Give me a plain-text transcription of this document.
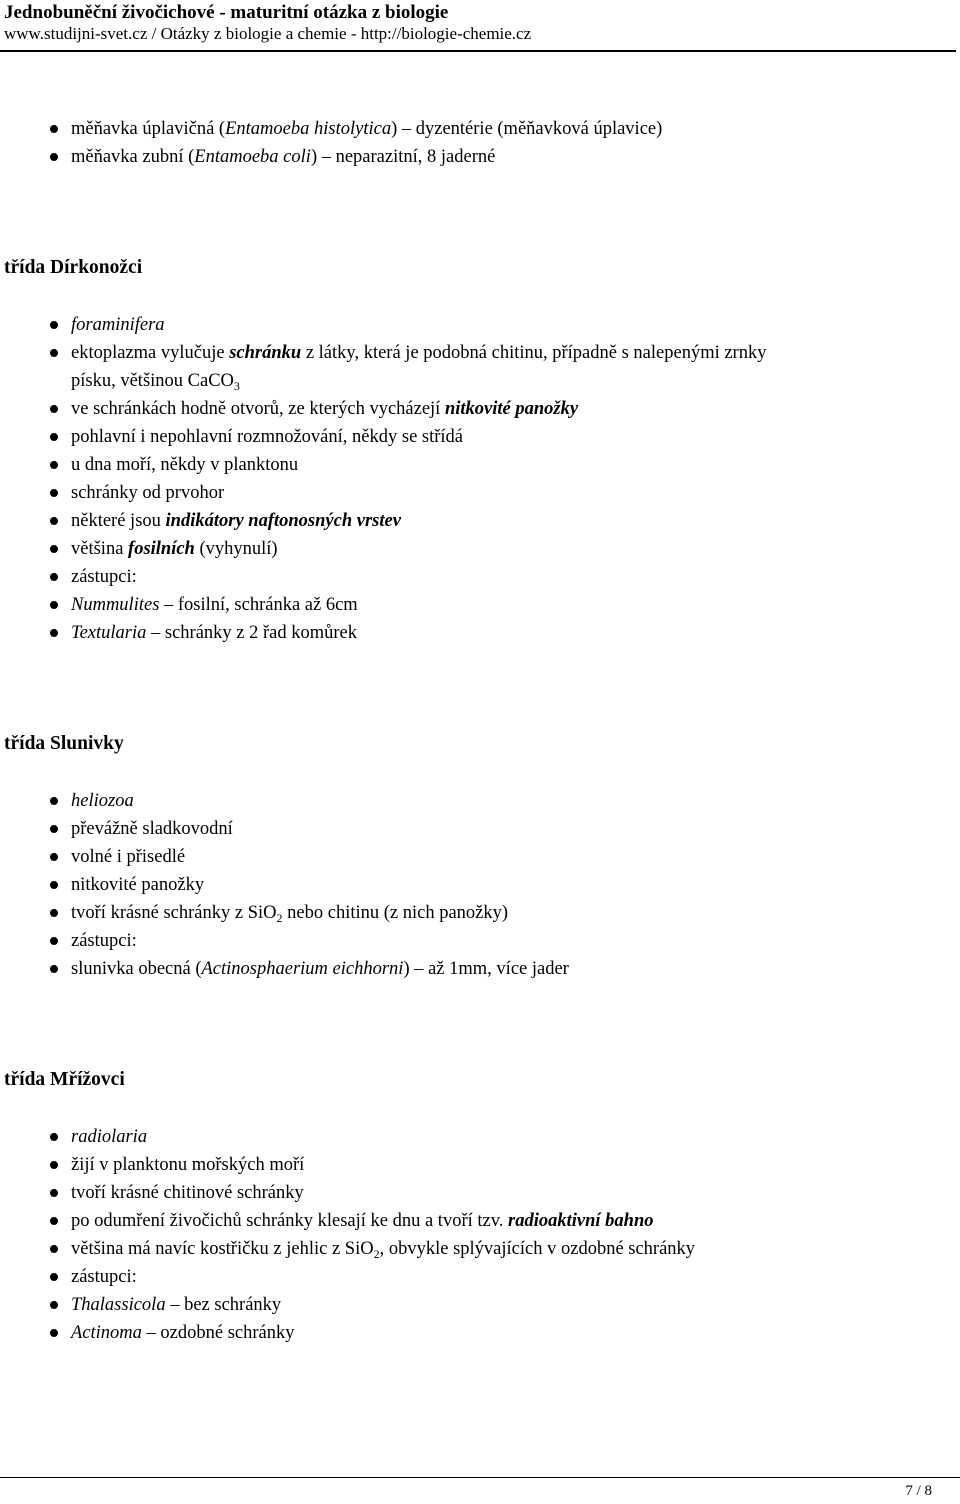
Jednobuněční živočichové - maturitní otázka z biologie
www.studijni-svet.cz / Otázky z biologie a chemie - http://biologie-chemie.cz
měňavka úplavičná (Entamoeba histolytica) – dyzentérie (měňavková úplavice)
měňavka zubní (Entamoeba coli) – neparazitní, 8 jaderné
třída Dírkonožci
foraminifera
ektoplazma vylučuje schránku z látky, která je podobná chitinu, případně s nalepenými zrnky
písku, většinou CaCO$_3$
ve schránkách hodně otvorů, ze kterých vycházejí nitkovité panožky
pohlavní i nepohlavní rozmnožování, někdy se střídá
u dna moří, někdy v planktonu
schránky od prvohor
některé jsou indikátory naftonosných vrstev
většina fosilních (vyhynulí)
zástupci:
Nummulites – fosilní, schránka až 6cm
Textularia – schránky z 2 řad komůrek
třída Slunivky
heliozoa
převážně sladkovodní
volné i přisedlé
nitkovité panožky
tvoří krásné schránky z SiO$_2$ nebo chitinu (z nich panožky)
zástupci:
slunivka obecná (Actinosphaerium eichhorni) – až 1mm, více jader
třída Mřížovci
radiolaria
žijí v planktonu mořských moří
tvoří krásné chitinové schránky
po odumření živočichů schránky klesají ke dnu a tvoří tzv. radioaktivní bahno
většina má navíc kostřičku z jehlic z SiO$_2$, obvykle splývajících v ozdobné schránky
zástupci:
Thalassicola – bez schránky
Actinoma – ozdobné schránky
7 / 8
